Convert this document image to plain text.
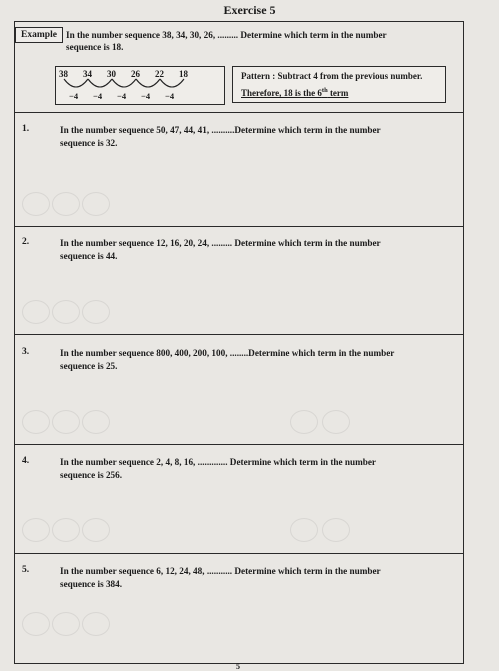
Exercise 5
Example In the number sequence 38, 34, 30, 26, ......... Determine which term in the number
sequence is 18.
38 34 30 26 22 18
−4 −4 −4 −4 −4
Pattern : Subtract 4 from the previous number.
Therefore, 18 is the 6th term
1.	In the number sequence 50, 47, 44, 41, ..........Determine which term in the number
sequence is 32.
2.	In the number sequence 12, 16, 20, 24, ......... Determine which term in the number
sequence is 44.
3.	In the number sequence 800, 400, 200, 100, ........Determine which term in the number
sequence is 25.
4.	In the number sequence 2, 4, 8, 16, ............. Determine which term in the number
sequence is 256.
5.	In the number sequence 6, 12, 24, 48, ........... Determine which term in the number
sequence is 384.
5
